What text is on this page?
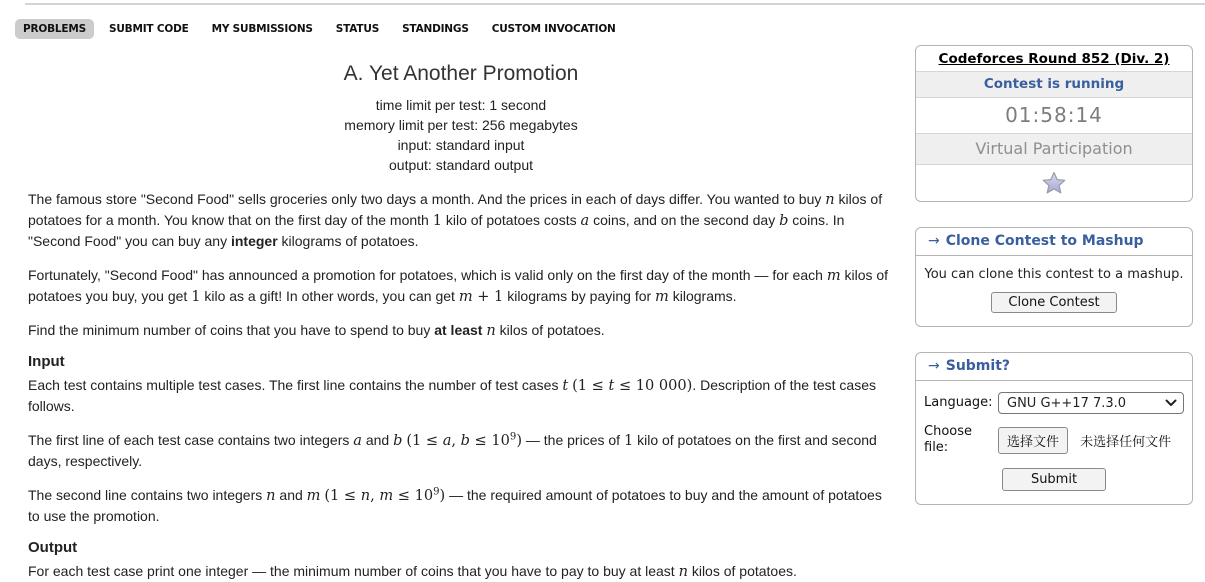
PROBLEMS	SUBMIT CODE	MY SUBMISSIONS	STATUS	STANDINGS	CUSTOM INVOCATION
A. Yet Another Promotion
time limit per test: 1 second
memory limit per test: 256 megabytes
input: standard input
output: standard output

The famous store "Second Food" sells groceries only two days a month. And the prices in each of days differ. You wanted to buy n kilos of potatoes for a month. You know that on the first day of the month 1 kilo of potatoes costs a coins, and on the second day b coins. In "Second Food" you can buy any integer kilograms of potatoes.

Fortunately, "Second Food" has announced a promotion for potatoes, which is valid only on the first day of the month — for each m kilos of potatoes you buy, you get 1 kilo as a gift! In other words, you can get m + 1 kilograms by paying for m kilograms.

Find the minimum number of coins that you have to spend to buy at least n kilos of potatoes.

Input

Each test contains multiple test cases. The first line contains the number of test cases t (1 ≤ t ≤ 10 000). Description of the test cases follows.

The first line of each test case contains two integers a and b (1 ≤ a, $b \le 10^9$) — the prices of 1 kilo of potatoes on the first and second days, respectively.

The second line contains two integers n and m (1 ≤ n, $m \le 10^9$) — the required amount of potatoes to buy and the amount of potatoes to use the promotion.

Output

For each test case print one integer — the minimum number of coins that you have to pay to buy at least n kilos of potatoes.

Codeforces Round 852 (Div. 2)
Contest is running
01:58:14
Virtual Participation
→ Clone Contest to Mashup
You can clone this contest to a mashup.
Clone Contest
→ Submit?
Language:	GNU G++17 7.3.0
Choose file:	选择文件 未选择任何文件
Submit
